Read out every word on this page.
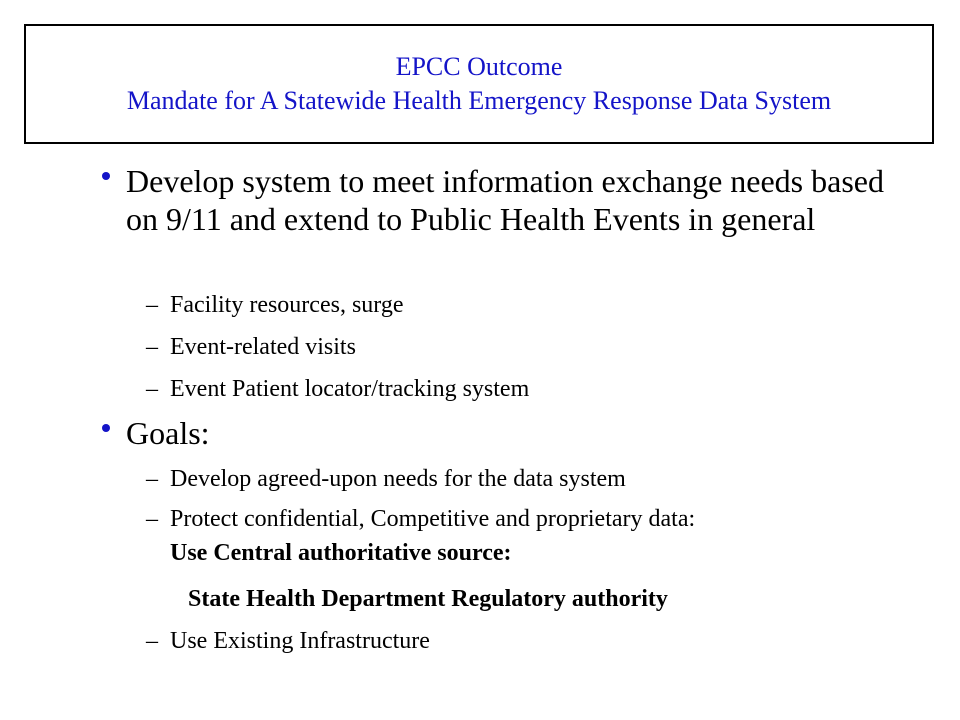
EPCC Outcome
Mandate for A Statewide Health Emergency Response Data System
Develop system to meet information exchange needs based on 9/11 and extend to Public Health Events in general
– Facility resources, surge
– Event-related visits
– Event Patient locator/tracking system
Goals:
– Develop agreed-upon needs for the data system
– Protect confidential, Competitive and proprietary data:
Use Central authoritative source:
State Health Department Regulatory authority
– Use Existing Infrastructure
